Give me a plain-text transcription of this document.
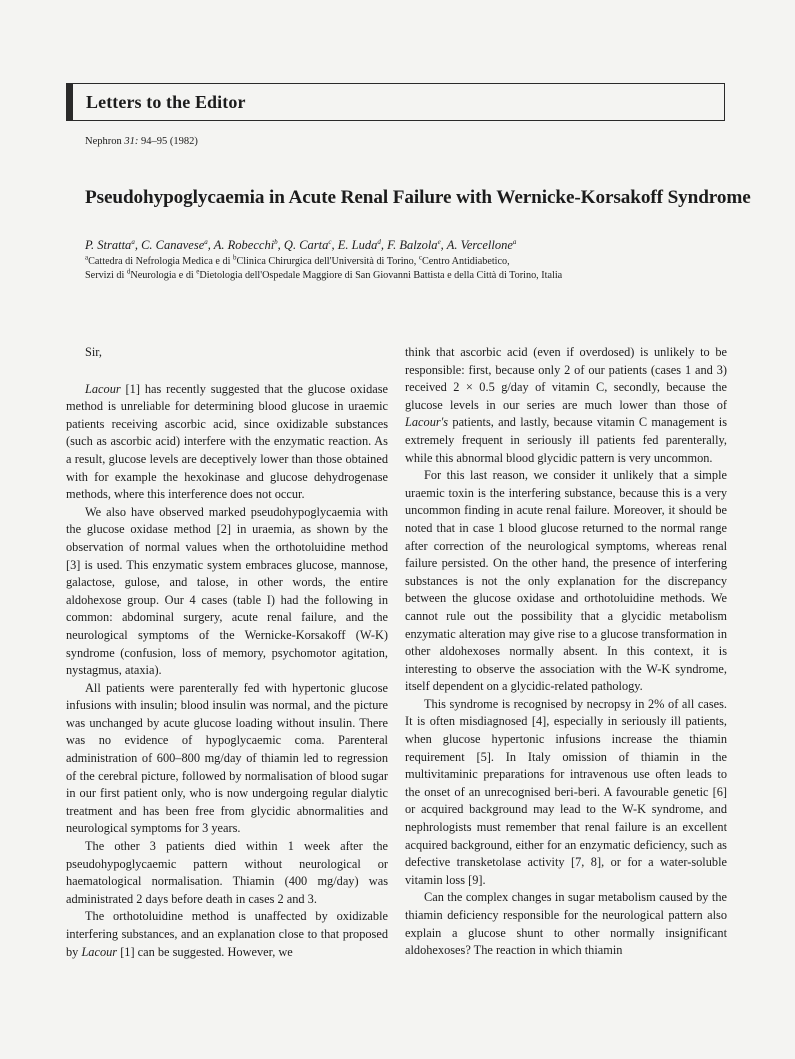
Letters to the Editor
Nephron 31: 94–95 (1982)
Pseudohypoglycaemia in Acute Renal Failure with Wernicke-Korsakoff Syndrome
P. Stratta$^a$, C. Canavese$^a$, A. Robecchi$^b$, Q. Carta$^c$, E. Luda$^d$, F. Balzola$^e$, A. Vercellone$^a$
$^a$Cattedra di Nefrologia Medica e di $^b$Clinica Chirurgica dell'Università di Torino, $^c$Centro Antidiabetico,
Servizi di $^d$Neurologia e di $^e$Dietologia dell'Ospedale Maggiore di San Giovanni Battista e della Città di Torino, Italia

Sir,

Lacour [1] has recently suggested that the glucose oxidase method is unreliable for determining blood glucose in uraemic patients receiving ascorbic acid, since oxidizable substances (such as ascorbic acid) interfere with the enzymatic reaction. As a result, glucose levels are deceptively lower than those obtained with for example the hexokinase and glucose dehydrogenase methods, where this interference does not occur.

We also have observed marked pseudohypoglycaemia with the glucose oxidase method [2] in uraemia, as shown by the observation of normal values when the orthotoluidine method [3] is used. This enzymatic system embraces glucose, mannose, galactose, gulose, and talose, in other words, the entire aldohexose group. Our 4 cases (table I) had the following in common: abdominal surgery, acute renal failure, and the neurological symptoms of the Wernicke-Korsakoff (W-K) syndrome (confusion, loss of memory, psychomotor agitation, nystagmus, ataxia).

All patients were parenterally fed with hypertonic glucose infusions with insulin; blood insulin was normal, and the picture was unchanged by acute glucose loading without insulin. There was no evidence of hypoglycaemic coma. Parenteral administration of 600–800 mg/day of thiamin led to regression of the cerebral picture, followed by normalisation of blood sugar in our first patient only, who is now undergoing regular dialytic treatment and has been free from glycidic abnormalities and neurological symptoms for 3 years.

The other 3 patients died within 1 week after the pseudohypoglycaemic pattern without neurological or haematological normalisation. Thiamin (400 mg/day) was administrated 2 days before death in cases 2 and 3.

The orthotoluidine method is unaffected by oxidizable interfering substances, and an explanation close to that proposed by Lacour [1] can be suggested. However, we

think that ascorbic acid (even if overdosed) is unlikely to be responsible: first, because only 2 of our patients (cases 1 and 3) received 2 × 0.5 g/day of vitamin C, secondly, because the glucose levels in our series are much lower than those of Lacour's patients, and lastly, because vitamin C management is extremely frequent in seriously ill patients fed parenterally, while this abnormal blood glycidic pattern is very uncommon.

For this last reason, we consider it unlikely that a simple uraemic toxin is the interfering substance, because this is a very uncommon finding in acute renal failure. Moreover, it should be noted that in case 1 blood glucose returned to the normal range after correction of the neurological symptoms, whereas renal failure persisted. On the other hand, the presence of interfering substances is not the only explanation for the discrepancy between the glucose oxidase and orthotoluidine methods. We cannot rule out the possibility that a glycidic metabolism enzymatic alteration may give rise to a glucose transformation in other aldohexoses normally absent. In this context, it is interesting to observe the association with the W-K syndrome, itself dependent on a glycidic-related pathology.

This syndrome is recognised by necropsy in 2% of all cases. It is often misdiagnosed [4], especially in seriously ill patients, when glucose hypertonic infusions increase the thiamin requirement [5]. In Italy omission of thiamin in the multivitaminic preparations for intravenous use often leads to the onset of an unrecognised beri-beri. A favourable genetic [6] or acquired background may lead to the W-K syndrome, and nephrologists must remember that renal failure is an excellent acquired background, either for an enzymatic deficiency, such as defective transketolase activity [7, 8], or for a water-soluble vitamin loss [9].

Can the complex changes in sugar metabolism caused by the thiamin deficiency responsible for the neurological pattern also explain a glucose shunt to other normally insignificant aldohexoses? The reaction in which thiamin
